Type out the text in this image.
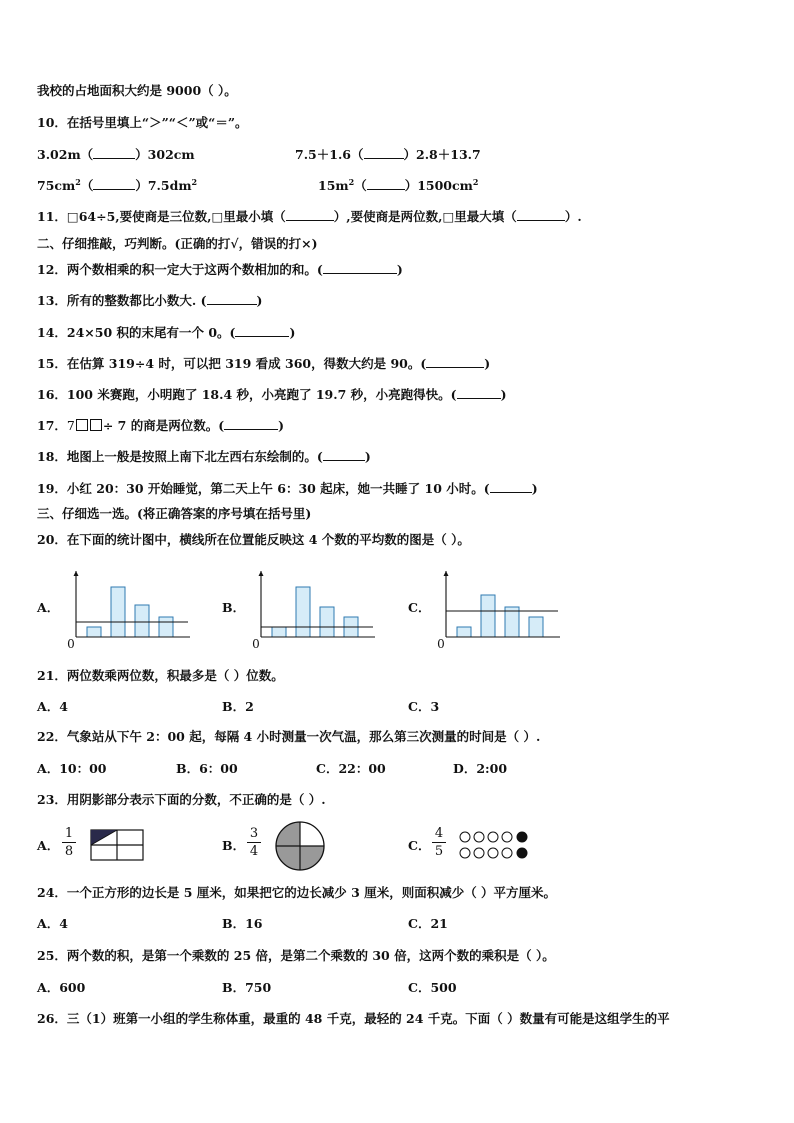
我校的占地面积大约是 9000（ ）。
10．在括号里填上“＞”“＜”或“＝”。
3.02m（	）302cm	7.5＋1.6（	）2.8＋13.7
$75cm^2$（	）$7.5dm^2$	$15m^2$（	）$1500cm^2$
11．□64÷5,要使商是三位数,□里最小填（	）,要使商是两位数,□里最大填（	）.
二、仔细推敲，巧判断。(正确的打√，错误的打×)
12．两个数相乘的积一定大于这两个数相加的和。(	)
13．所有的整数都比小数大. (	)
14．24×50 积的末尾有一个 0。(	)
15．在估算 319÷4 时，可以把 319 看成 360，得数大约是 90。(	)
16．100 米赛跑，小明跑了 18.4 秒，小亮跑了 19.7 秒，小亮跑得快。(	)
17．7 ÷ 7 的商是两位数。(	)
18．地图上一般是按照上南下北左西右东绘制的。(	)
19．小红 20：30 开始睡觉，第二天上午 6：30 起床，她一共睡了 10 小时。(	)
三、仔细选一选。(将正确答案的序号填在括号里)
20．在下面的统计图中，横线所在位置能反映这 4 个数的平均数的图是（ ）。
A．	B．	C．
0	0	0
21．两位数乘两位数，积最多是（ ）位数。
A．4	B．2	C．3
22．气象站从下午 2：00 起，每隔 4 小时测量一次气温，那么第三次测量的时间是（ ）.
A．10：00	B．6：00	C．22：00	D．2:00
23．用阴影部分表示下面的分数，不正确的是（ ）.
A．
1
8	B．
3
4	C．
4
5
24．一个正方形的边长是 5 厘米，如果把它的边长减少 3 厘米，则面积减少（ ）平方厘米。
A．4	B．16	C．21
25．两个数的积，是第一个乘数的 25 倍，是第二个乘数的 30 倍，这两个数的乘积是（ ）。
A．600	B．750	C．500
26．三（1）班第一小组的学生称体重，最重的 48 千克，最轻的 24 千克。下面（ ）数量有可能是这组学生的平
